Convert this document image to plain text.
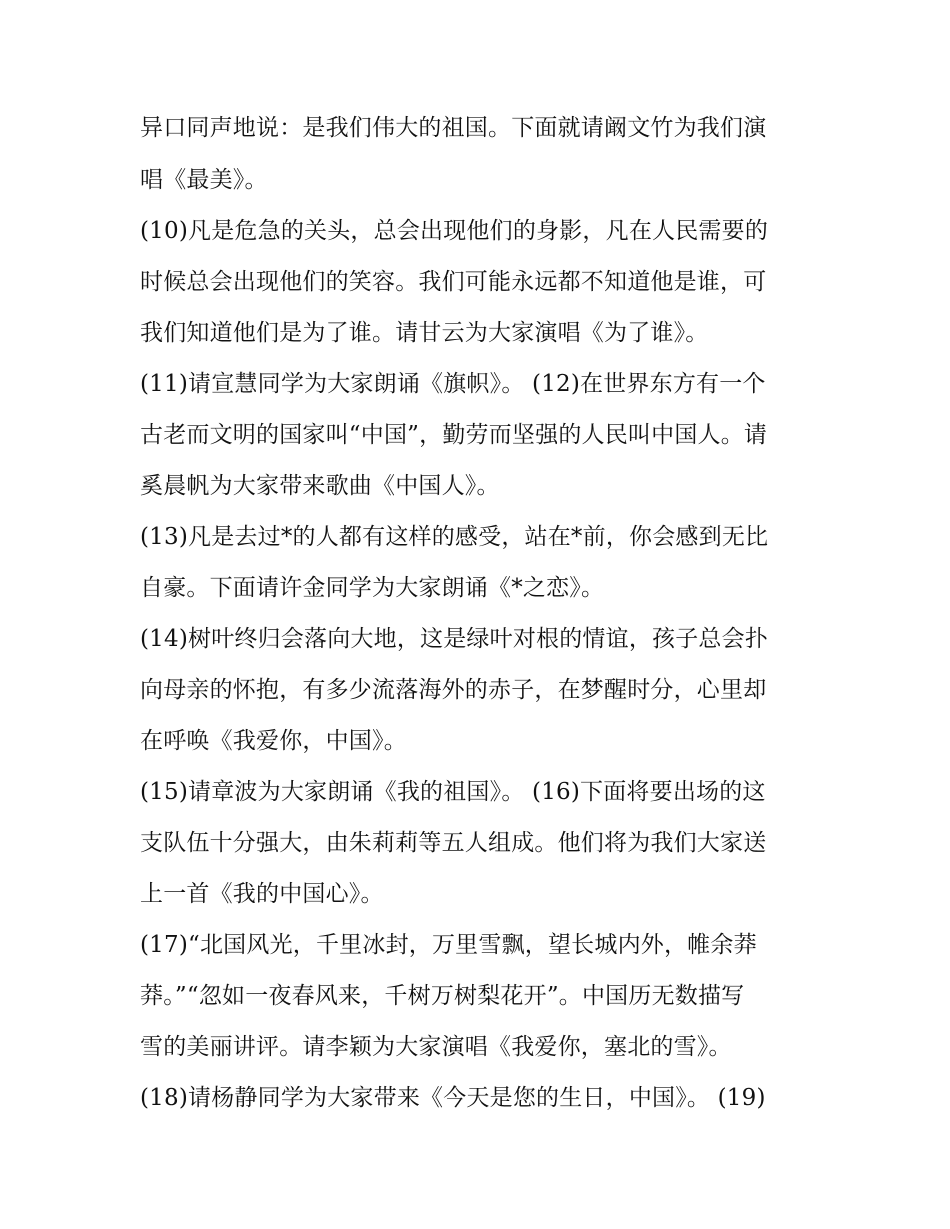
异口同声地说：是我们伟大的祖国。下面就请阚文竹为我们演
唱《最美》。
(10)凡是危急的关头，总会出现他们的身影，凡在人民需要的
时候总会出现他们的笑容。我们可能永远都不知道他是谁，可
我们知道他们是为了谁。请甘云为大家演唱《为了谁》。
(11)请宣慧同学为大家朗诵《旗帜》。 (12)在世界东方有一个
古老而文明的国家叫“中国”，勤劳而坚强的人民叫中国人。请
奚晨帆为大家带来歌曲《中国人》。
(13)凡是去过*的人都有这样的感受，站在*前，你会感到无比
自豪。下面请许金同学为大家朗诵《*之恋》。
(14)树叶终归会落向大地，这是绿叶对根的情谊，孩子总会扑
向母亲的怀抱，有多少流落海外的赤子，在梦醒时分，心里却
在呼唤《我爱你，中国》。
(15)请章波为大家朗诵《我的祖国》。 (16)下面将要出场的这
支队伍十分强大，由朱莉莉等五人组成。他们将为我们大家送
上一首《我的中国心》。
(17)“北国风光，千里冰封，万里雪飘，望长城内外，帷余莽
莽。”“忽如一夜春风来，千树万树梨花开”。中国历无数描写
雪的美丽讲评。请李颖为大家演唱《我爱你，塞北的雪》。
(18)请杨静同学为大家带来《今天是您的生日，中国》。 (19)
